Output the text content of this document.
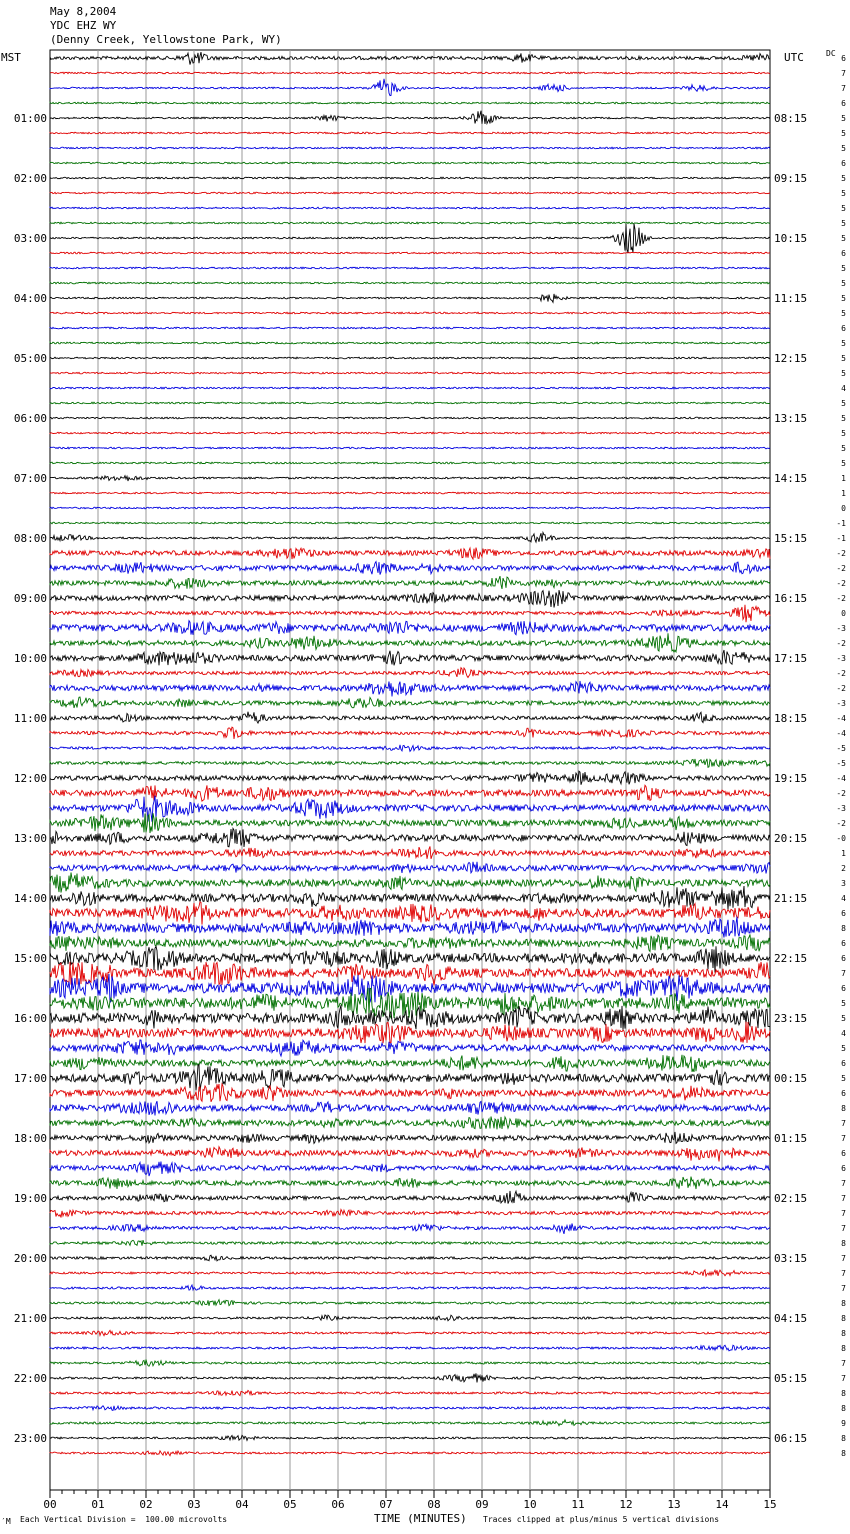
May 8,2004
YDC EHZ WY
(Denny Creek, Yellowstone Park, WY)
MST	UTC	DC
01:00
02:00
03:00
04:00
05:00
06:00
07:00
08:00
09:00
10:00
11:00
12:00
13:00
14:00
15:00
16:00
17:00
18:00
19:00
20:00
21:00
22:00
23:00
08:15
09:15
10:15
11:15
12:15
13:15
14:15
15:15
16:15
17:15
18:15
19:15
20:15
21:15
22:15
23:15
00:15
01:15
02:15
03:15
04:15
05:15
06:15
6
7
7
6
5
5
5
6
5
5
5
5
5
6
5
5
5
5
6
5
5
5
4
5
5
5
5
5
1
1
0
-1
-1
-2
-2
-2
-2
0
-3
-2
-3
-2
-2
-3
-4
-4
-5
-5
-4
-2
-3
-2
-0
1
2
3
4
6
8
6
6
7
6
5
5
4
5
6
5
6
8
7
7
6
6
7
7
7
7
8
7
7
7
8
8
8
8
7
7
8
8
9
8
8
00	01	02	03	04	05	06	07	08	09	10	11	12	13	14	15
′M Each Vertical Division =  100.00 microvolts	TIME (MINUTES) Traces clipped at plus/minus 5 vertical divisions
